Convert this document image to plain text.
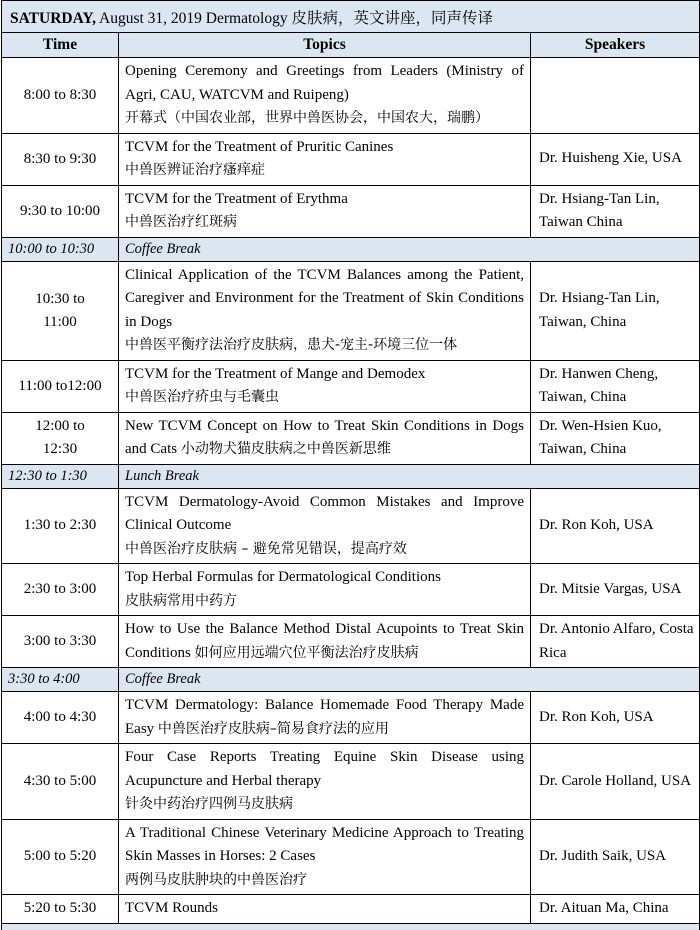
SATURDAY, August 31, 2019 Dermatology 皮肤病，英文讲座，同声传译		
Time	Topics	Speakers
8:00 to 8:30	Opening Ceremony and Greetings from Leaders (Ministry of Agri, CAU, WATCVM and Ruipeng)
开幕式（中国农业部，世界中兽医协会，中国农大，瑞鹏）	

8:30 to 9:30	TCVM for the Treatment of Pruritic Canines
中兽医辨证治疗瘙痒症	Dr. Huisheng Xie, USA
9:30 to 10:00	TCVM for the Treatment of Erythma
中兽医治疗红斑病	Dr. Hsiang-Tan Lin, Taiwan China
10:00 to 10:30	Coffee Break	
10:30 to 11:00	Clinical Application of the TCVM Balances among the Patient, Caregiver and Environment for the Treatment of Skin Conditions in Dogs
中兽医平衡疗法治疗皮肤病，患犬-宠主-环境三位一体	Dr. Hsiang-Tan Lin, Taiwan, China
11:00 to12:00	TCVM for the Treatment of Mange and Demodex
中兽医治疗疥虫与毛囊虫	Dr. Hanwen Cheng, Taiwan, China
12:00 to 12:30	New TCVM Concept on How to Treat Skin Conditions in Dogs and Cats 小动物犬猫皮肤病之中兽医新思维	Dr. Wen-Hsien Kuo, Taiwan, China
12:30 to 1:30	Lunch Break	
1:30 to 2:30	TCVM Dermatology-Avoid Common Mistakes and Improve Clinical Outcome
中兽医治疗皮肤病 – 避免常见错误，提高疗效	Dr. Ron Koh, USA
2:30 to 3:00	Top Herbal Formulas for Dermatological Conditions
皮肤病常用中药方	Dr. Mitsie Vargas, USA
3:00 to 3:30	How to Use the Balance Method Distal Acupoints to Treat Skin Conditions 如何应用远端穴位平衡法治疗皮肤病	Dr. Antonio Alfaro, Costa Rica
3:30 to 4:00	Coffee Break	
4:00 to 4:30	TCVM Dermatology: Balance Homemade Food Therapy Made Easy 中兽医治疗皮肤病–简易食疗法的应用	Dr. Ron Koh, USA
4:30 to 5:00	Four Case Reports Treating Equine Skin Disease using Acupuncture and Herbal therapy
针灸中药治疗四例马皮肤病	Dr. Carole Holland, USA
5:00 to 5:20	A Traditional Chinese Veterinary Medicine Approach to Treating Skin Masses in Horses: 2 Cases
两例马皮肤肿块的中兽医治疗	Dr. Judith Saik, USA
5:20 to 5:30	TCVM Rounds	Dr. Aituan Ma, China
